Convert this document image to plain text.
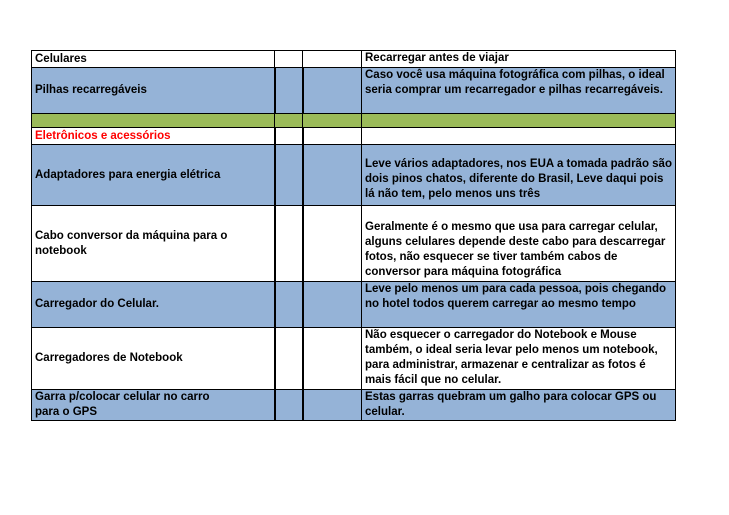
Celulares			Recarregar antes de viajar
Pilhas recarregáveis			Caso você usa máquina fotográfica com pilhas, o ideal seria comprar um recarregador e pilhas recarregáveis.

Eletrônicos e acessórios			
Adaptadores para energia elétrica			Leve vários adaptadores, nos EUA a tomada padrão são dois pinos chatos, diferente do Brasil, Leve daqui pois lá não tem, pelo menos uns três
Cabo conversor da máquina para o notebook			Geralmente é o mesmo que usa para carregar celular, alguns celulares depende deste cabo para descarregar fotos, não esquecer se tiver também cabos de conversor para máquina fotográfica
Carregador do Celular.			Leve pelo menos um para cada pessoa, pois chegando no hotel todos querem carregar ao mesmo tempo
Carregadores de Notebook			Não esquecer o carregador do Notebook e Mouse também, o ideal seria levar pelo menos um notebook, para administrar, armazenar e centralizar as fotos é mais fácil que no celular.
Garra p/colocar celular no carro para o GPS			Estas garras quebram um galho para colocar GPS ou celular.
